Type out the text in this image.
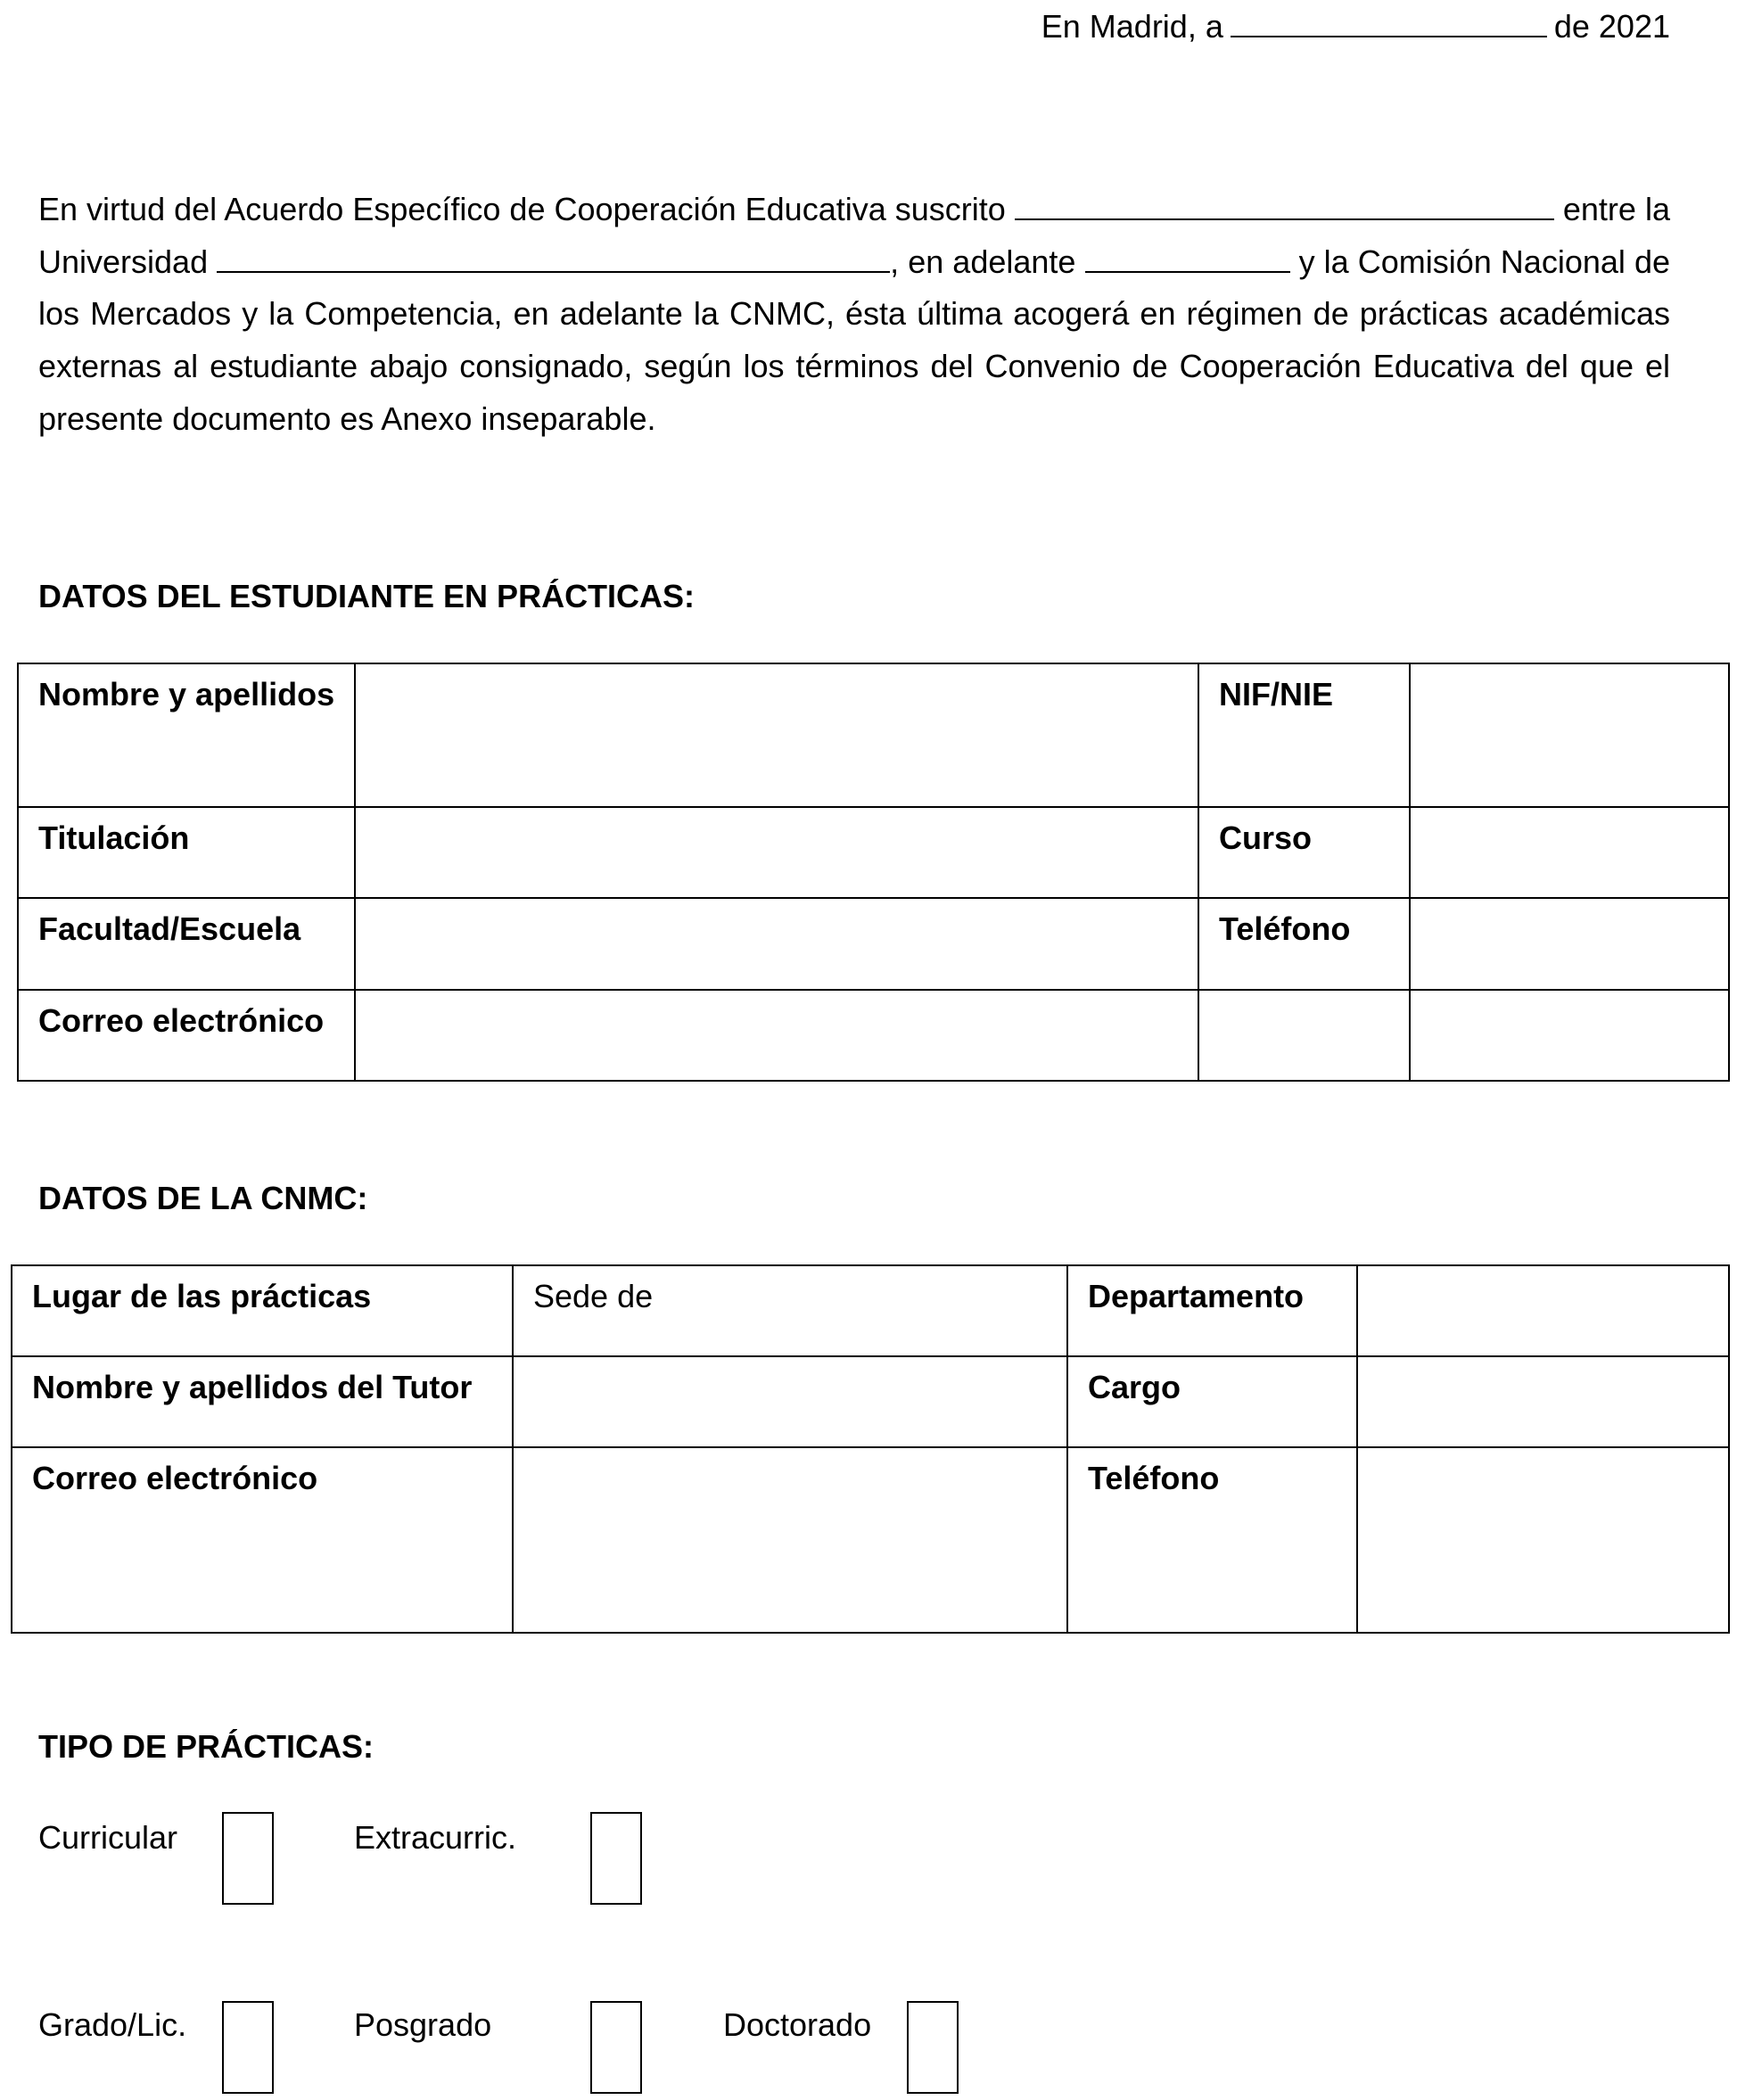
En Madrid, a	de 2021
En virtud del Acuerdo Específico de Cooperación Educativa suscrito	entre la Universidad	, en adelante	y la Comisión Nacional de los Mercados y la Competencia, en adelante la CNMC, ésta última acogerá en régimen de prácticas académicas externas al estudiante abajo consignado, según los términos del Convenio de Cooperación Educativa del que el presente documento es Anexo inseparable.
DATOS DEL ESTUDIANTE EN PRÁCTICAS:
Nombre y apellidos		NIF/NIE	
Titulación		Curso	
Facultad/Escuela		Teléfono	
Correo electrónico			
DATOS DE LA CNMC:
Lugar de las prácticas	Sede de	Departamento	
Nombre y apellidos del Tutor		Cargo	
Correo electrónico		Teléfono	
TIPO DE PRÁCTICAS:
Curricular	Extracurric.
Grado/Lic.	Posgrado	Doctorado
